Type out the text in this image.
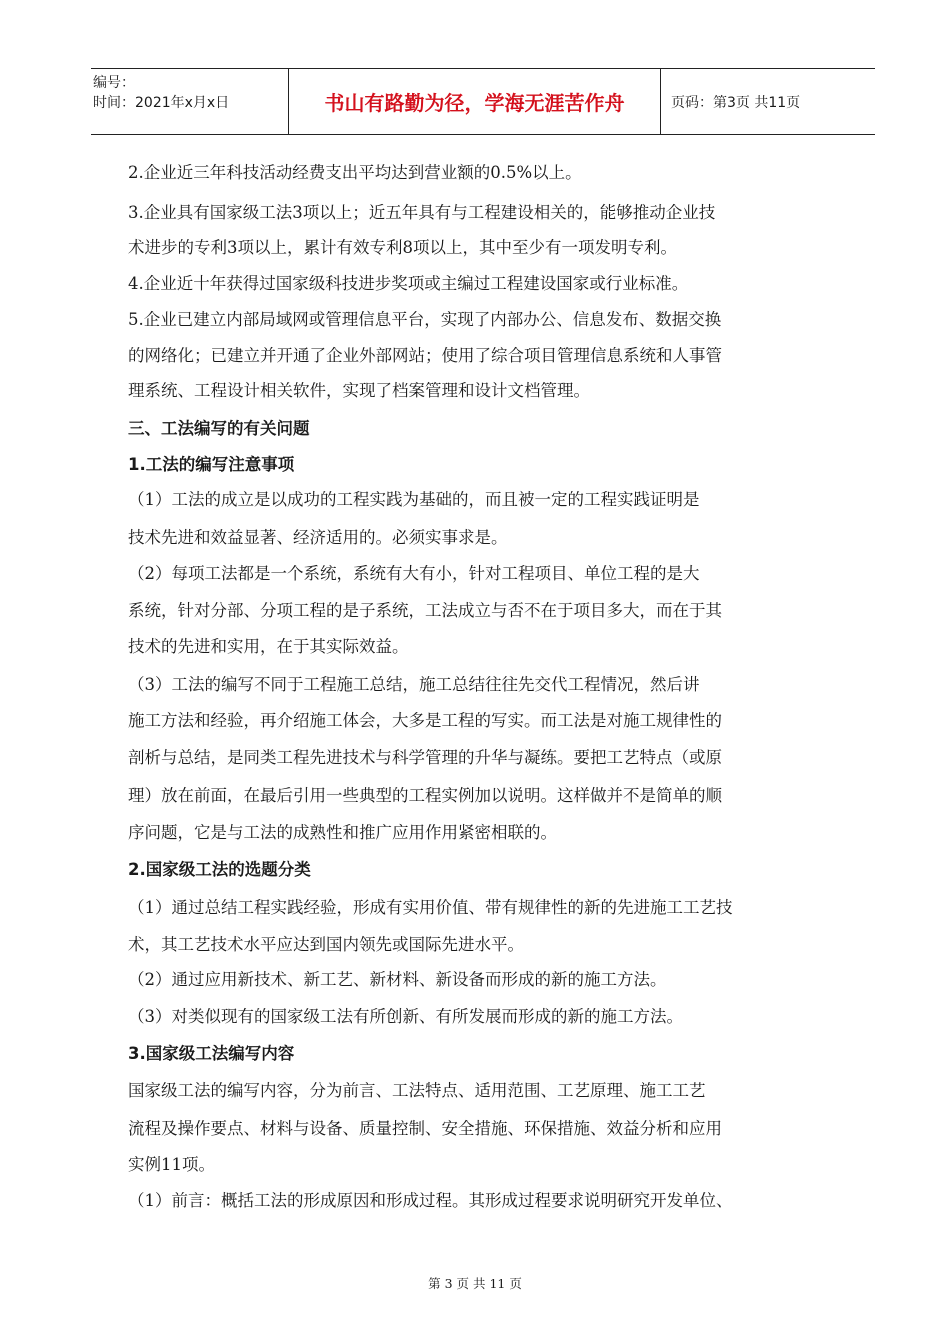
编号：
时间：2021年x月x日	书山有路勤为径，学海无涯苦作舟	页码：第3页 共11页
2.企业近三年科技活动经费支出平均达到营业额的0.5%以上。
3.企业具有国家级工法3项以上；近五年具有与工程建设相关的，能够推动企业技
术进步的专利3项以上，累计有效专利8项以上，其中至少有一项发明专利。
4.企业近十年获得过国家级科技进步奖项或主编过工程建设国家或行业标准。
5.企业已建立内部局域网或管理信息平台，实现了内部办公、信息发布、数据交换
的网络化；已建立并开通了企业外部网站；使用了综合项目管理信息系统和人事管
理系统、工程设计相关软件，实现了档案管理和设计文档管理。
三、工法编写的有关问题
1.工法的编写注意事项
（1）工法的成立是以成功的工程实践为基础的，而且被一定的工程实践证明是
技术先进和效益显著、经济适用的。必须实事求是。
（2）每项工法都是一个系统，系统有大有小，针对工程项目、单位工程的是大
系统，针对分部、分项工程的是子系统，工法成立与否不在于项目多大，而在于其
技术的先进和实用，在于其实际效益。
（3）工法的编写不同于工程施工总结，施工总结往往先交代工程情况，然后讲
施工方法和经验，再介绍施工体会，大多是工程的写实。而工法是对施工规律性的
剖析与总结，是同类工程先进技术与科学管理的升华与凝练。要把工艺特点（或原
理）放在前面，在最后引用一些典型的工程实例加以说明。这样做并不是简单的顺
序问题，它是与工法的成熟性和推广应用作用紧密相联的。
2.国家级工法的选题分类
（1）通过总结工程实践经验，形成有实用价值、带有规律性的新的先进施工工艺技
术，其工艺技术水平应达到国内领先或国际先进水平。
（2）通过应用新技术、新工艺、新材料、新设备而形成的新的施工方法。
（3）对类似现有的国家级工法有所创新、有所发展而形成的新的施工方法。
3.国家级工法编写内容
国家级工法的编写内容，分为前言、工法特点、适用范围、工艺原理、施工工艺
流程及操作要点、材料与设备、质量控制、安全措施、环保措施、效益分析和应用
实例11项。
（1）前言：概括工法的形成原因和形成过程。其形成过程要求说明研究开发单位、
第 3 页 共 11 页
